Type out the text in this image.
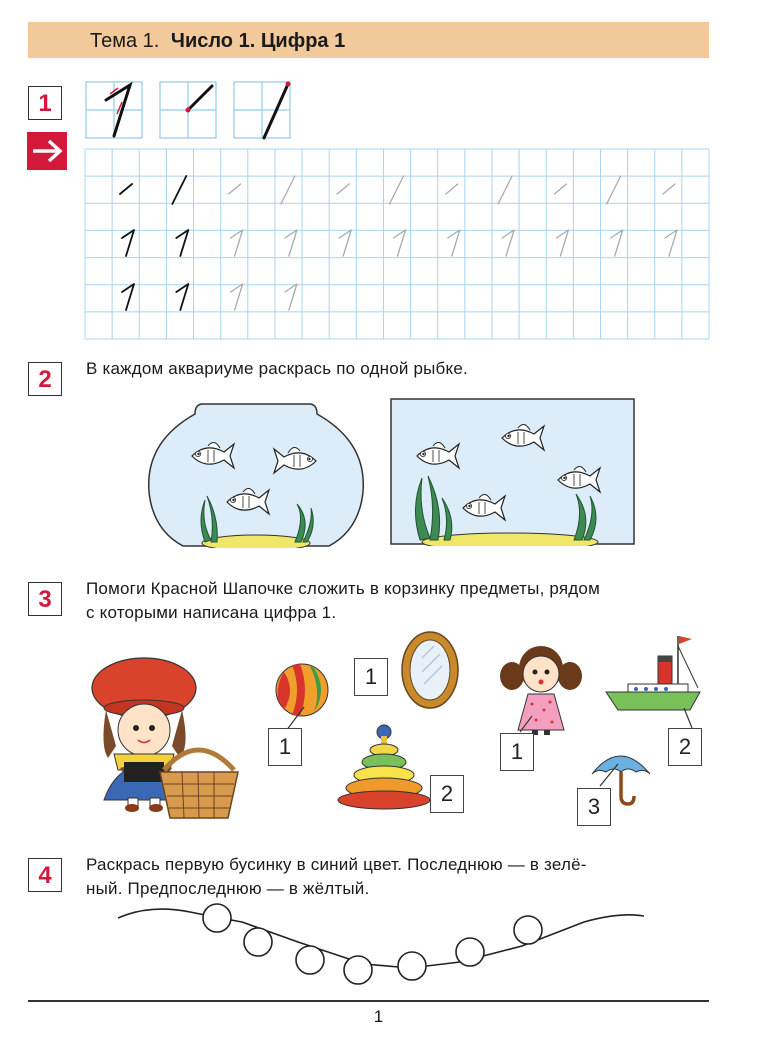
Тема 1. Число 1. Цифра 1
1
2	В каждом аквариуме раскрась по одной рыбке.
3	Помоги Красной Шапочке сложить в корзинку предметы, рядом
с которыми написана цифра 1.
1
1
2
1	2
3
4	Раскрась первую бусинку в синий цвет. Последнюю — в зелё-
ный. Предпоследнюю — в жёлтый.
1
